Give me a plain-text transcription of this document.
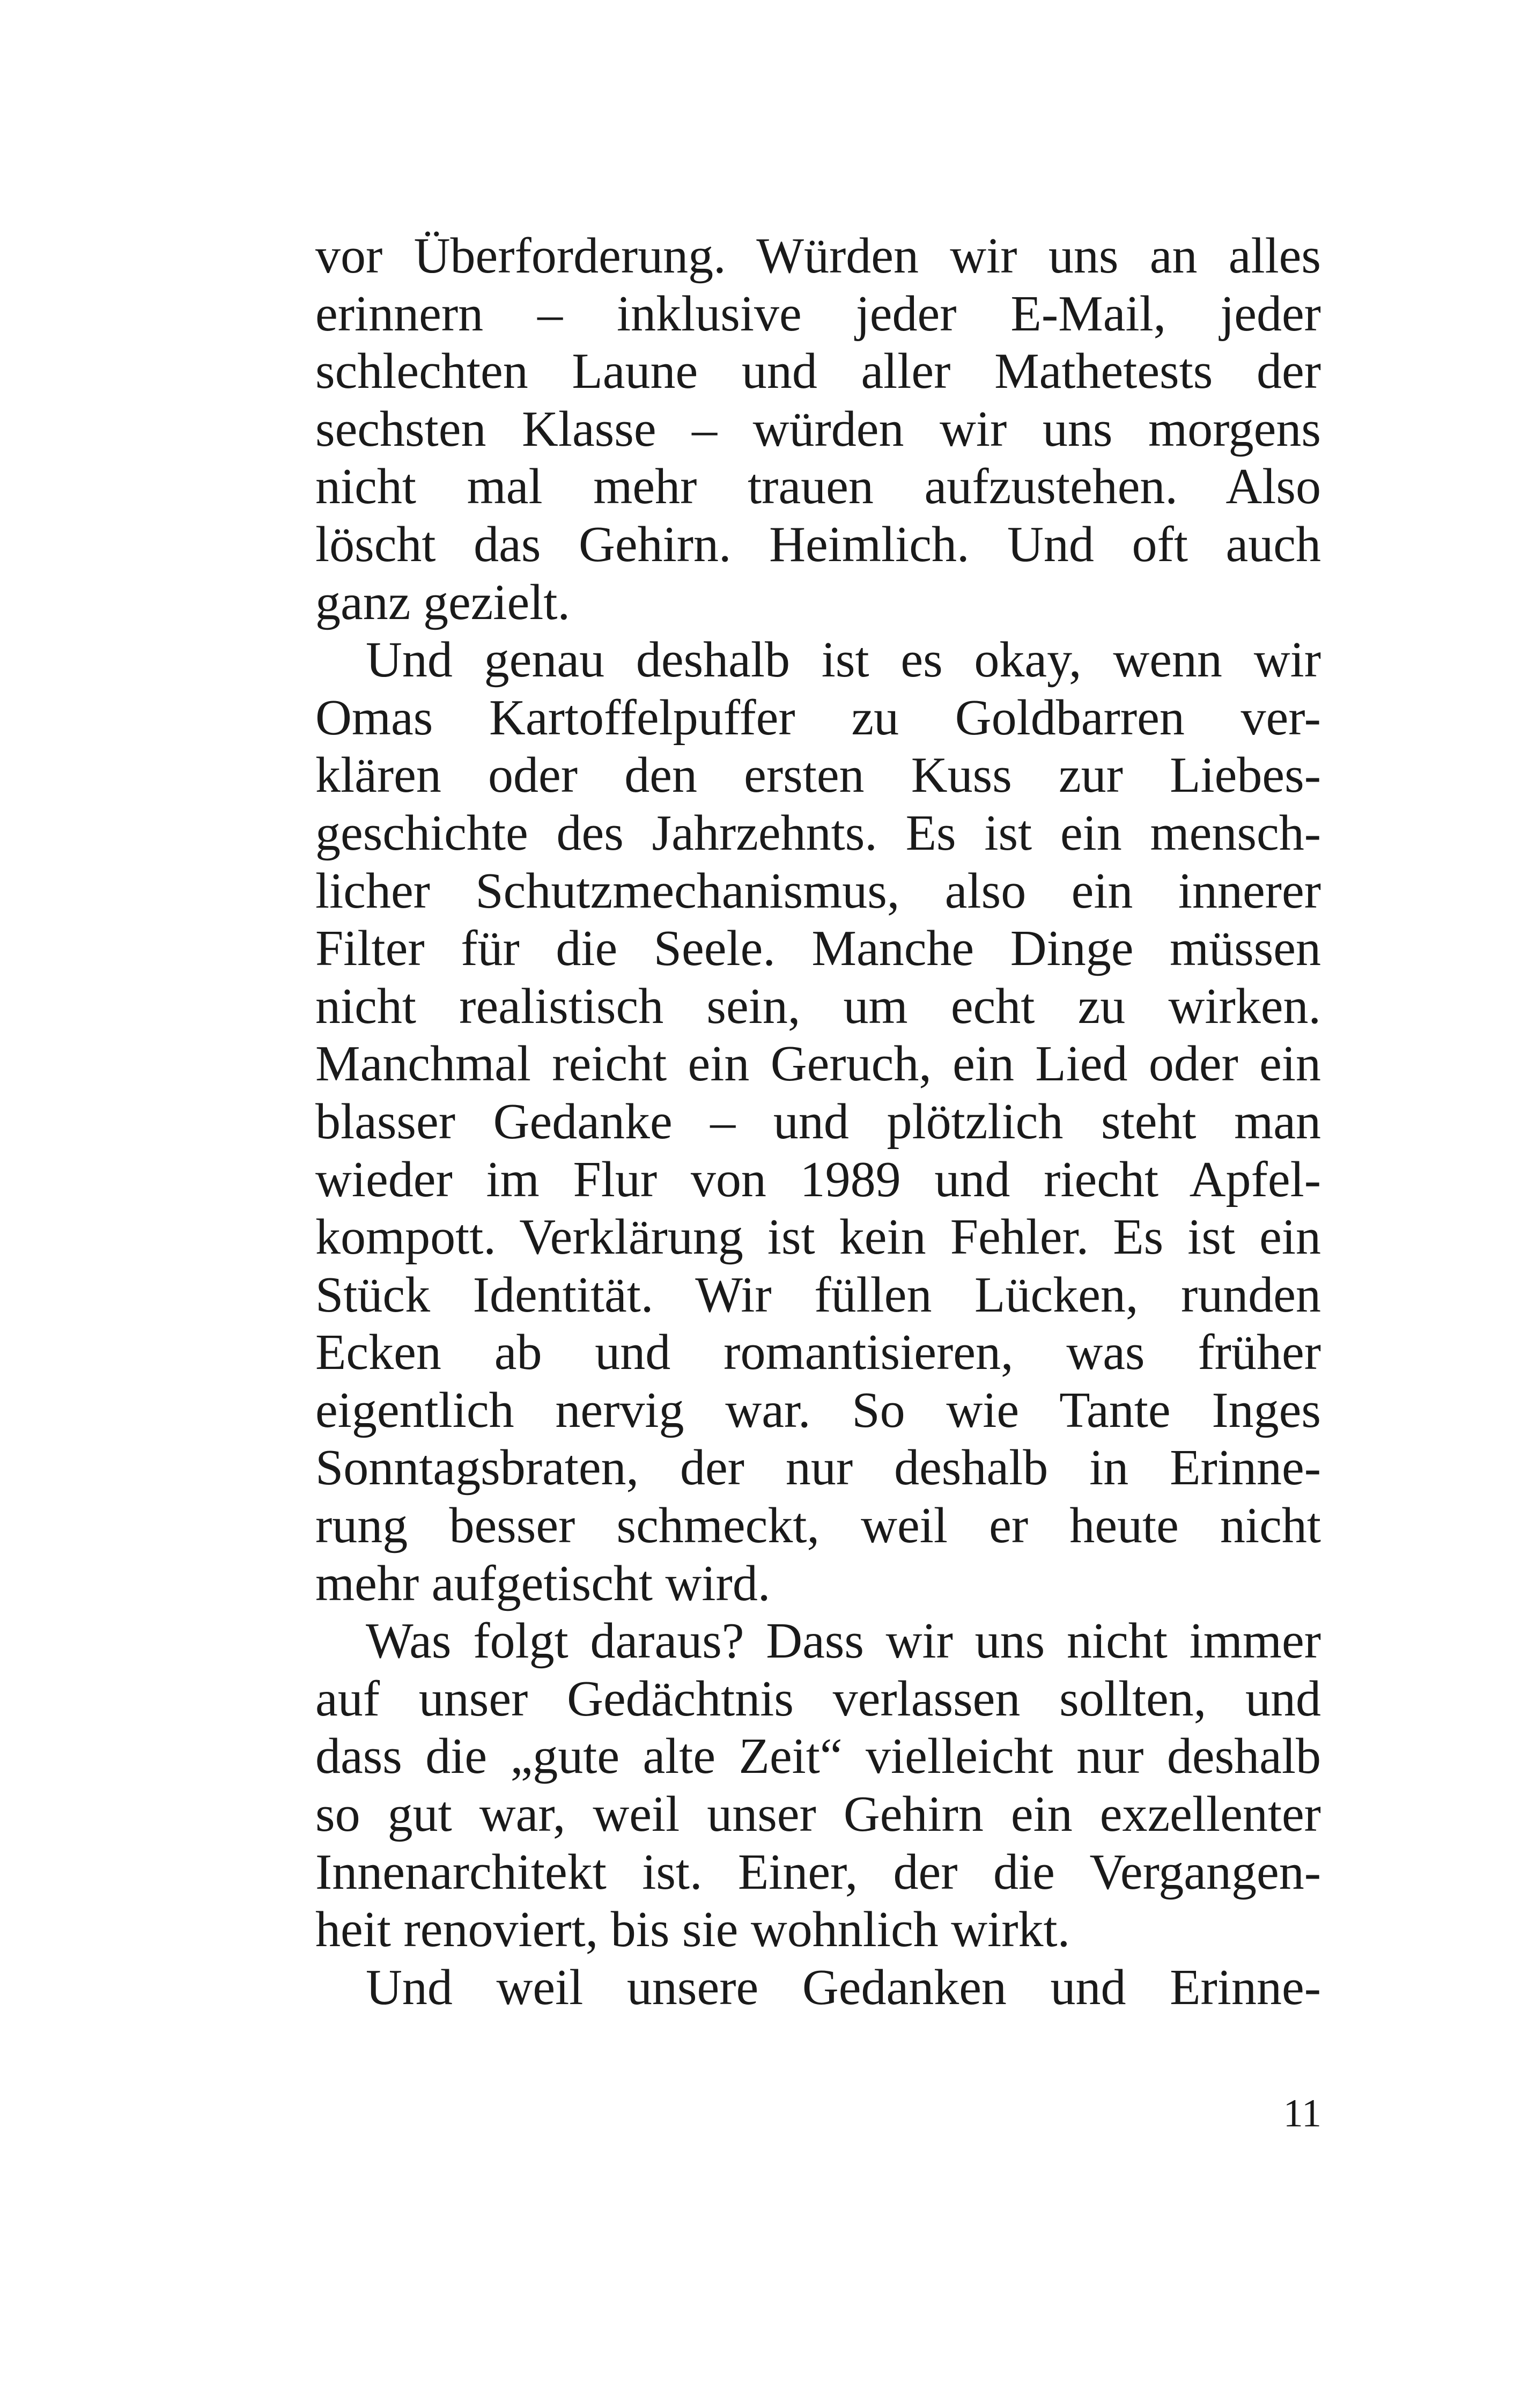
vor Überforderung. Würden wir uns an alles
erinnern – inklusive jeder E-Mail, jeder
schlechten Laune und aller Mathetests der
sechsten Klasse – würden wir uns morgens
nicht mal mehr trauen aufzustehen. Also
löscht das Gehirn. Heimlich. Und oft auch
ganz gezielt.
Und genau deshalb ist es okay, wenn wir
Omas Kartoffelpuffer zu Goldbarren ver-
klären oder den ersten Kuss zur Liebes-
geschichte des Jahrzehnts. Es ist ein mensch-
licher Schutzmechanismus, also ein innerer
Filter für die Seele. Manche Dinge müssen
nicht realistisch sein, um echt zu wirken.
Manchmal reicht ein Geruch, ein Lied oder ein
blasser Gedanke – und plötzlich steht man
wieder im Flur von 1989 und riecht Apfel-
kompott. Verklärung ist kein Fehler. Es ist ein
Stück Identität. Wir füllen Lücken, runden
Ecken ab und romantisieren, was früher
eigentlich nervig war. So wie Tante Inges
Sonntagsbraten, der nur deshalb in Erinne-
rung besser schmeckt, weil er heute nicht
mehr aufgetischt wird.
Was folgt daraus? Dass wir uns nicht immer
auf unser Gedächtnis verlassen sollten, und
dass die „gute alte Zeit“ vielleicht nur deshalb
so gut war, weil unser Gehirn ein exzellenter
Innenarchitekt ist. Einer, der die Vergangen-
heit renoviert, bis sie wohnlich wirkt.
Und weil unsere Gedanken und Erinne-
11
